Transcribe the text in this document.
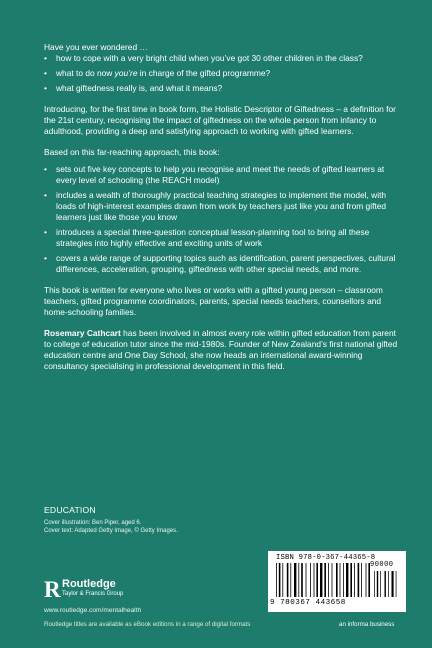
Have you ever wondered …

• how to cope with a very bright child when you’ve got 30 other children in the class?
• what to do now you’re in charge of the gifted programme?
• what giftedness really is, and what it means?

Introducing, for the first time in book form, the Holistic Descriptor of Giftedness – a definition for the 21st century, recognising the impact of giftedness on the whole person from infancy to adulthood, providing a deep and satisfying approach to working with gifted learners.

Based on this far-reaching approach, this book:

• sets out five key concepts to help you recognise and meet the needs of gifted learners at every level of schooling (the REACH model)
• includes a wealth of thoroughly practical teaching strategies to implement the model, with loads of high-interest examples drawn from work by teachers just like you and from gifted learners just like those you know
• introduces a special three-question conceptual lesson-planning tool to bring all these strategies into highly effective and exciting units of work
• covers a wide range of supporting topics such as identification, parent perspectives, cultural differences, acceleration, grouping, giftedness with other special needs, and more.

This book is written for everyone who lives or works with a gifted young person – classroom teachers, gifted programme coordinators, parents, special needs teachers, counsellors and home-schooling families.

Rosemary Cathcart has been involved in almost every role within gifted education from parent to college of education tutor since the mid-1980s. Founder of New Zealand’s first national gifted education centre and One Day School, she now heads an international award-winning consultancy specialising in professional development in this field.

EDUCATION
Cover illustration: Ben Piper, aged 6.
Cover text: Adapted Getty Image, © Getty Images.
R Routledge
Taylor & Francis Group
www.routledge.com/mentalhealth
Routledge titles are available as eBook editions in a range of digital formats	an informa business
ISBN 978-0-367-44365-8
9 780367 443658
90000
